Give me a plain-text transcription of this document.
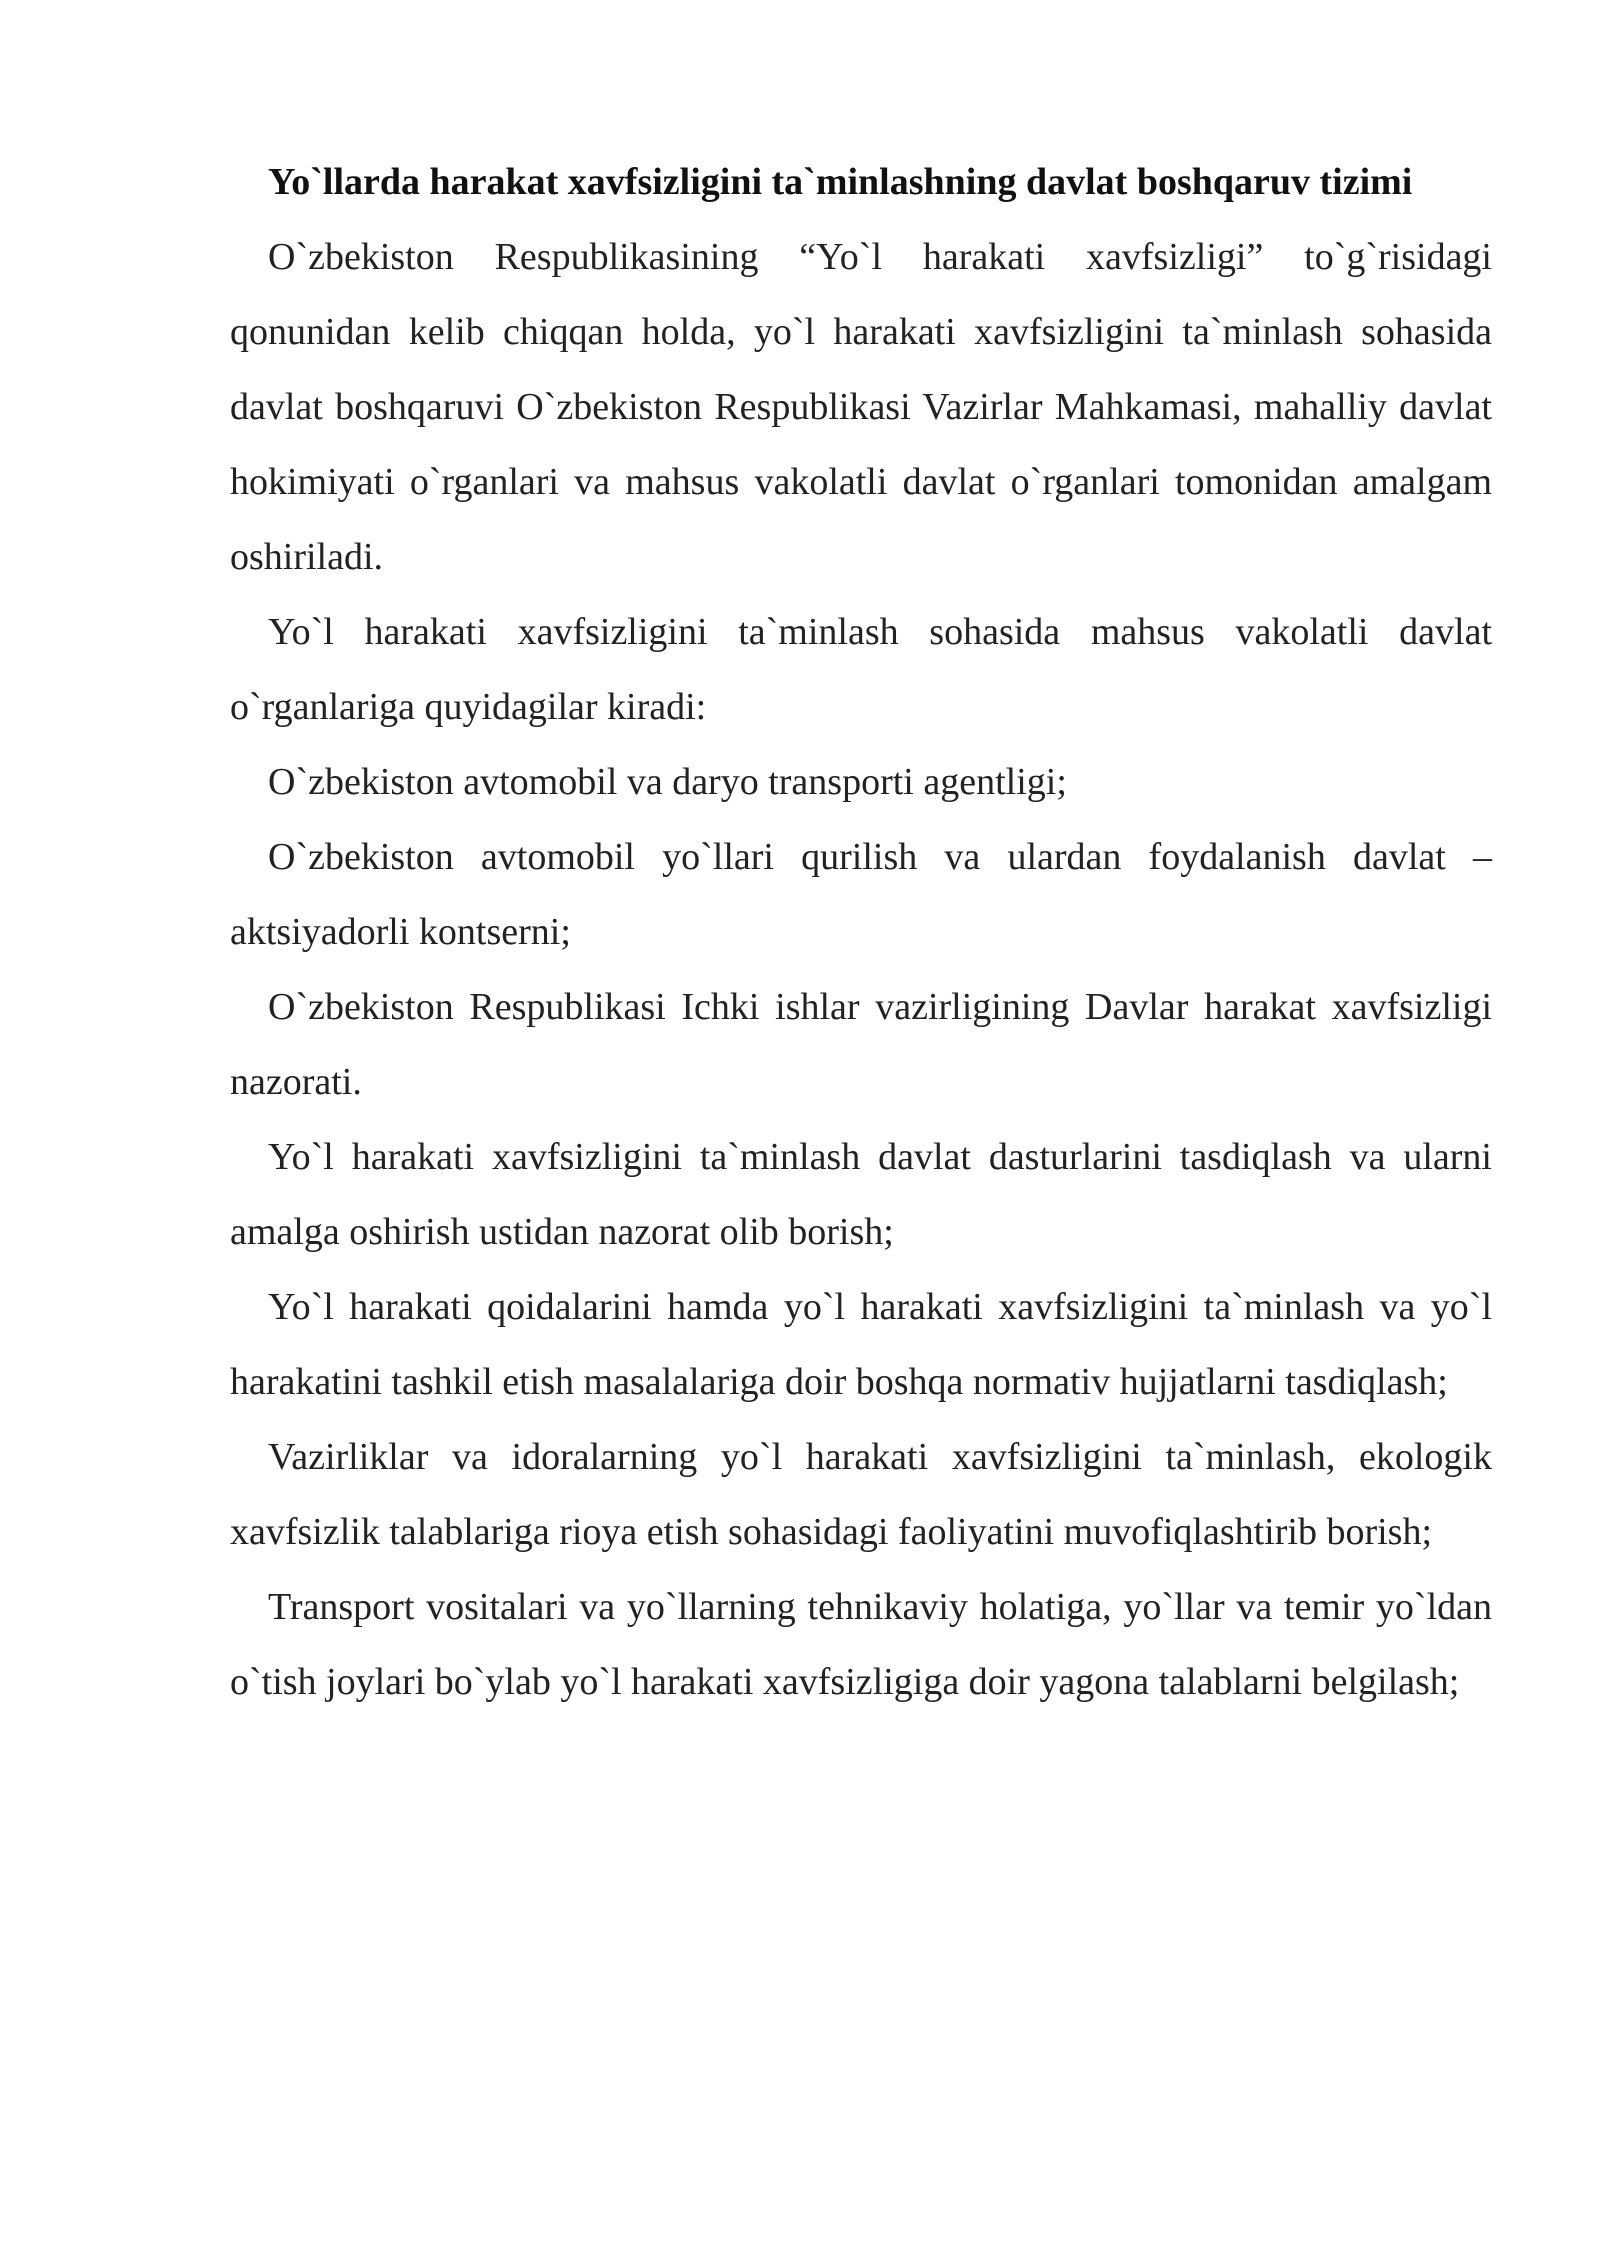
Yo`llarda harakat xavfsizligini ta`minlashning davlat boshqaruv tizimi

O`zbekiston Respublikasining “Yo`l harakati xavfsizligi” to`g`risidagi qonunidan kelib chiqqan holda, yo`l harakati xavfsizligini ta`minlash sohasida davlat boshqaruvi O`zbekiston Respublikasi Vazirlar Mahkamasi, mahalliy davlat hokimiyati o`rganlari va mahsus vakolatli davlat o`rganlari tomonidan amalgam oshiriladi.

Yo`l harakati xavfsizligini ta`minlash sohasida mahsus vakolatli davlat o`rganlariga quyidagilar kiradi:

O`zbekiston avtomobil va daryo transporti agentligi;

O`zbekiston avtomobil yo`llari qurilish va ulardan foydalanish davlat – aktsiyadorli kontserni;

O`zbekiston Respublikasi Ichki ishlar vazirligining Davlar harakat xavfsizligi nazorati.

Yo`l harakati xavfsizligini ta`minlash davlat dasturlarini tasdiqlash va ularni amalga oshirish ustidan nazorat olib borish;

Yo`l harakati qoidalarini hamda yo`l harakati xavfsizligini ta`minlash va yo`l harakatini tashkil etish masalalariga doir boshqa normativ hujjatlarni tasdiqlash;

Vazirliklar va idoralarning yo`l harakati xavfsizligini ta`minlash, ekologik xavfsizlik talablariga rioya etish sohasidagi faoliyatini muvofiqlashtirib borish;

Transport vositalari va yo`llarning tehnikaviy holatiga, yo`llar va temir yo`ldan o`tish joylari bo`ylab yo`l harakati xavfsizligiga doir yagona talablarni belgilash;
